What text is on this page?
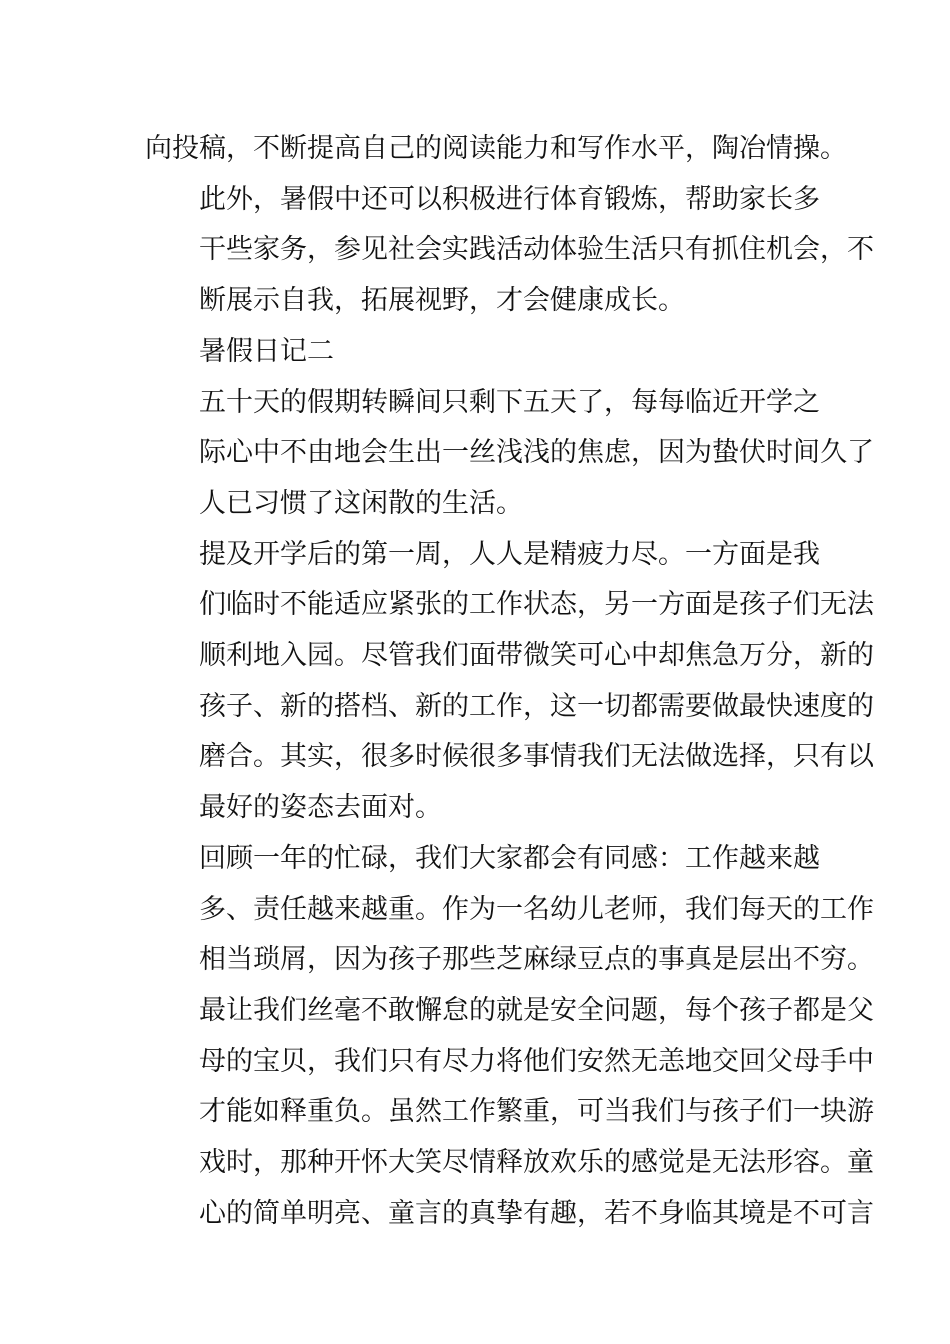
向投稿，不断提高自己的阅读能力和写作水平，陶冶情操。

此外，暑假中还可以积极进行体育锻炼，帮助家长多
干些家务，参见社会实践活动体验生活只有抓住机会，不
断展示自我，拓展视野，才会健康成长。

暑假日记二

五十天的假期转瞬间只剩下五天了，每每临近开学之
际心中不由地会生出一丝浅浅的焦虑，因为蛰伏时间久了
人已习惯了这闲散的生活。

提及开学后的第一周，人人是精疲力尽。一方面是我
们临时不能适应紧张的工作状态，另一方面是孩子们无法
顺利地入园。尽管我们面带微笑可心中却焦急万分，新的
孩子、新的搭档、新的工作，这一切都需要做最快速度的
磨合。其实，很多时候很多事情我们无法做选择，只有以
最好的姿态去面对。

回顾一年的忙碌，我们大家都会有同感：工作越来越
多、责任越来越重。作为一名幼儿老师，我们每天的工作
相当琐屑，因为孩子那些芝麻绿豆点的事真是层出不穷。
最让我们丝毫不敢懈怠的就是安全问题，每个孩子都是父
母的宝贝，我们只有尽力将他们安然无恙地交回父母手中
才能如释重负。虽然工作繁重，可当我们与孩子们一块游
戏时，那种开怀大笑尽情释放欢乐的感觉是无法形容。童
心的简单明亮、童言的真挚有趣，若不身临其境是不可言
